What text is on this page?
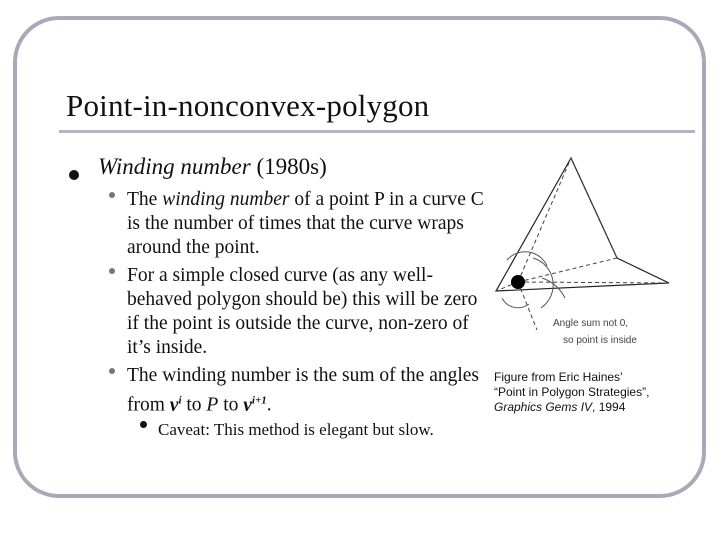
Point-in-nonconvex-polygon
Winding number (1980s)
The winding number of a point P in a curve C is the number of times that the curve wraps around the point.
For a simple closed curve (as any well-behaved polygon should be) this will be zero if the point is outside the curve, non-zero of it’s inside.
The winding number is the sum of the angles from $v^i$ to P to $v^{i+1}$.
Caveat: This method is elegant but slow.
Angle sum not 0,
so point is inside
Figure from Eric Haines’
“Point in Polygon Strategies”,
Graphics Gems IV, 1994
